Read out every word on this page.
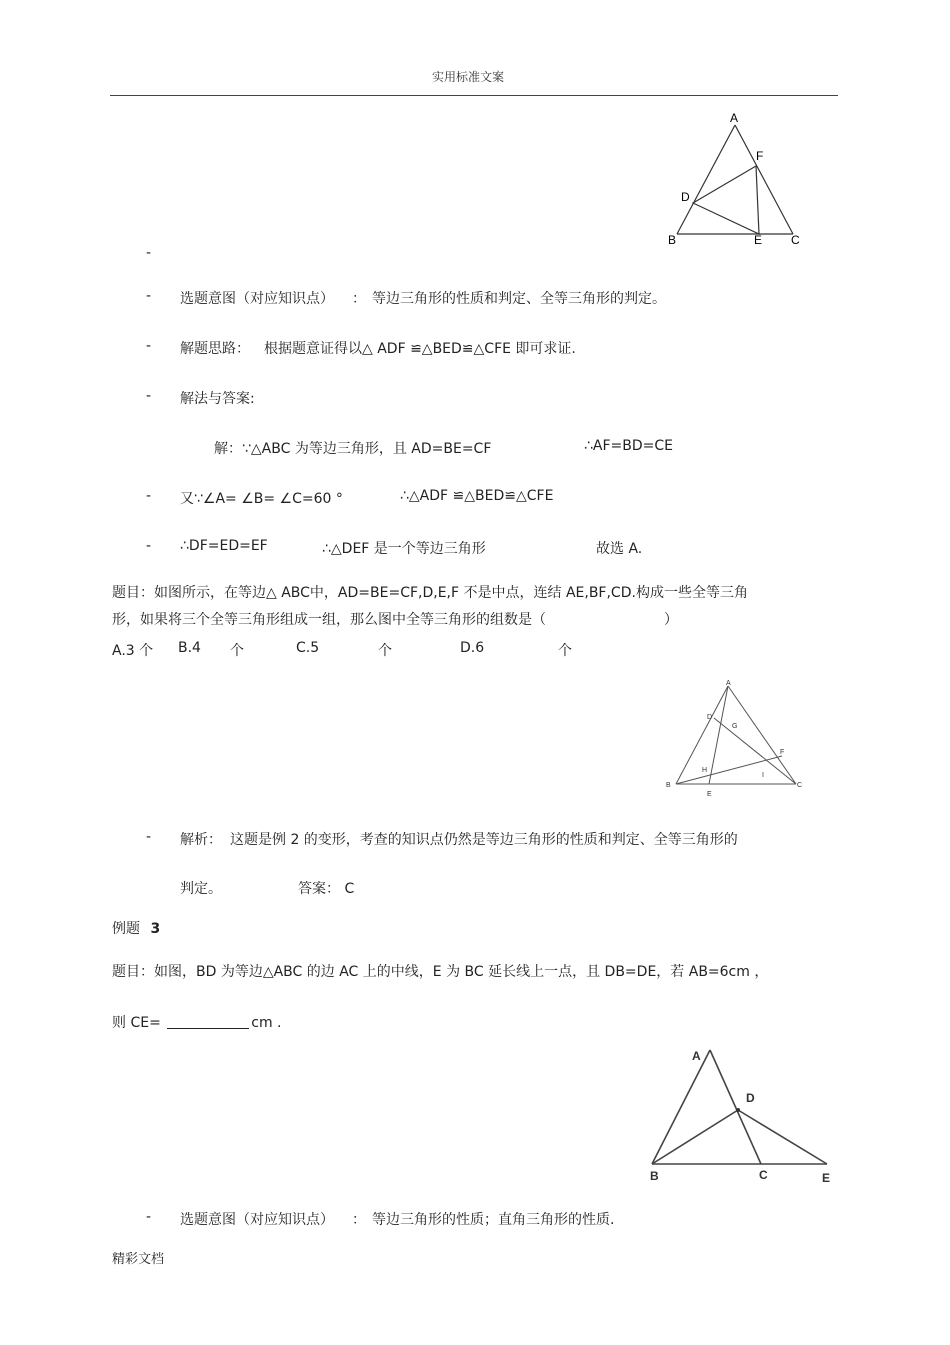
实用标准文案
A
F
D
B	E C
-
- 选题意图（对应知识点） ： 等边三角形的性质和判定、全等三角形的判定。
- 解题思路： 根据题意证得以△ ADF ≌△BED≌△CFE 即可求证.
- 解法与答案:
解：∵△ABC 为等边三角形，且 AD=BE=CF	∴AF=BD=CE
- 又∵∠A= ∠B= ∠C=60 °	∴△ADF ≌△BED≌△CFE
- ∴DF=ED=EF	∴△DEF 是一个等边三角形	故选 A.
题目：如图所示，在等边△ ABC中，AD=BE=CF,D,E,F 不是中点，连结 AE,BF,CD.构成一些全等三角
形，如果将三个全等三角形组成一组，那么图中全等三角形的组数是（	）
A.3 个 B.4 个	C.5	个	D.6	个
A
D
G
F
H
I
B	C
E
- 解析： 这题是例 2 的变形，考查的知识点仍然是等边三角形的性质和判定、全等三角形的
判定。	答案： C
例题 3
题目：如图，BD 为等边△ABC 的边 AC 上的中线，E 为 BC 延长线上一点，且 DB=DE，若 AB=6cm ，
则 CE=	cm .
A
D
B	C	E
- 选题意图（对应知识点） ： 等边三角形的性质；直角三角形的性质.
精彩文档
